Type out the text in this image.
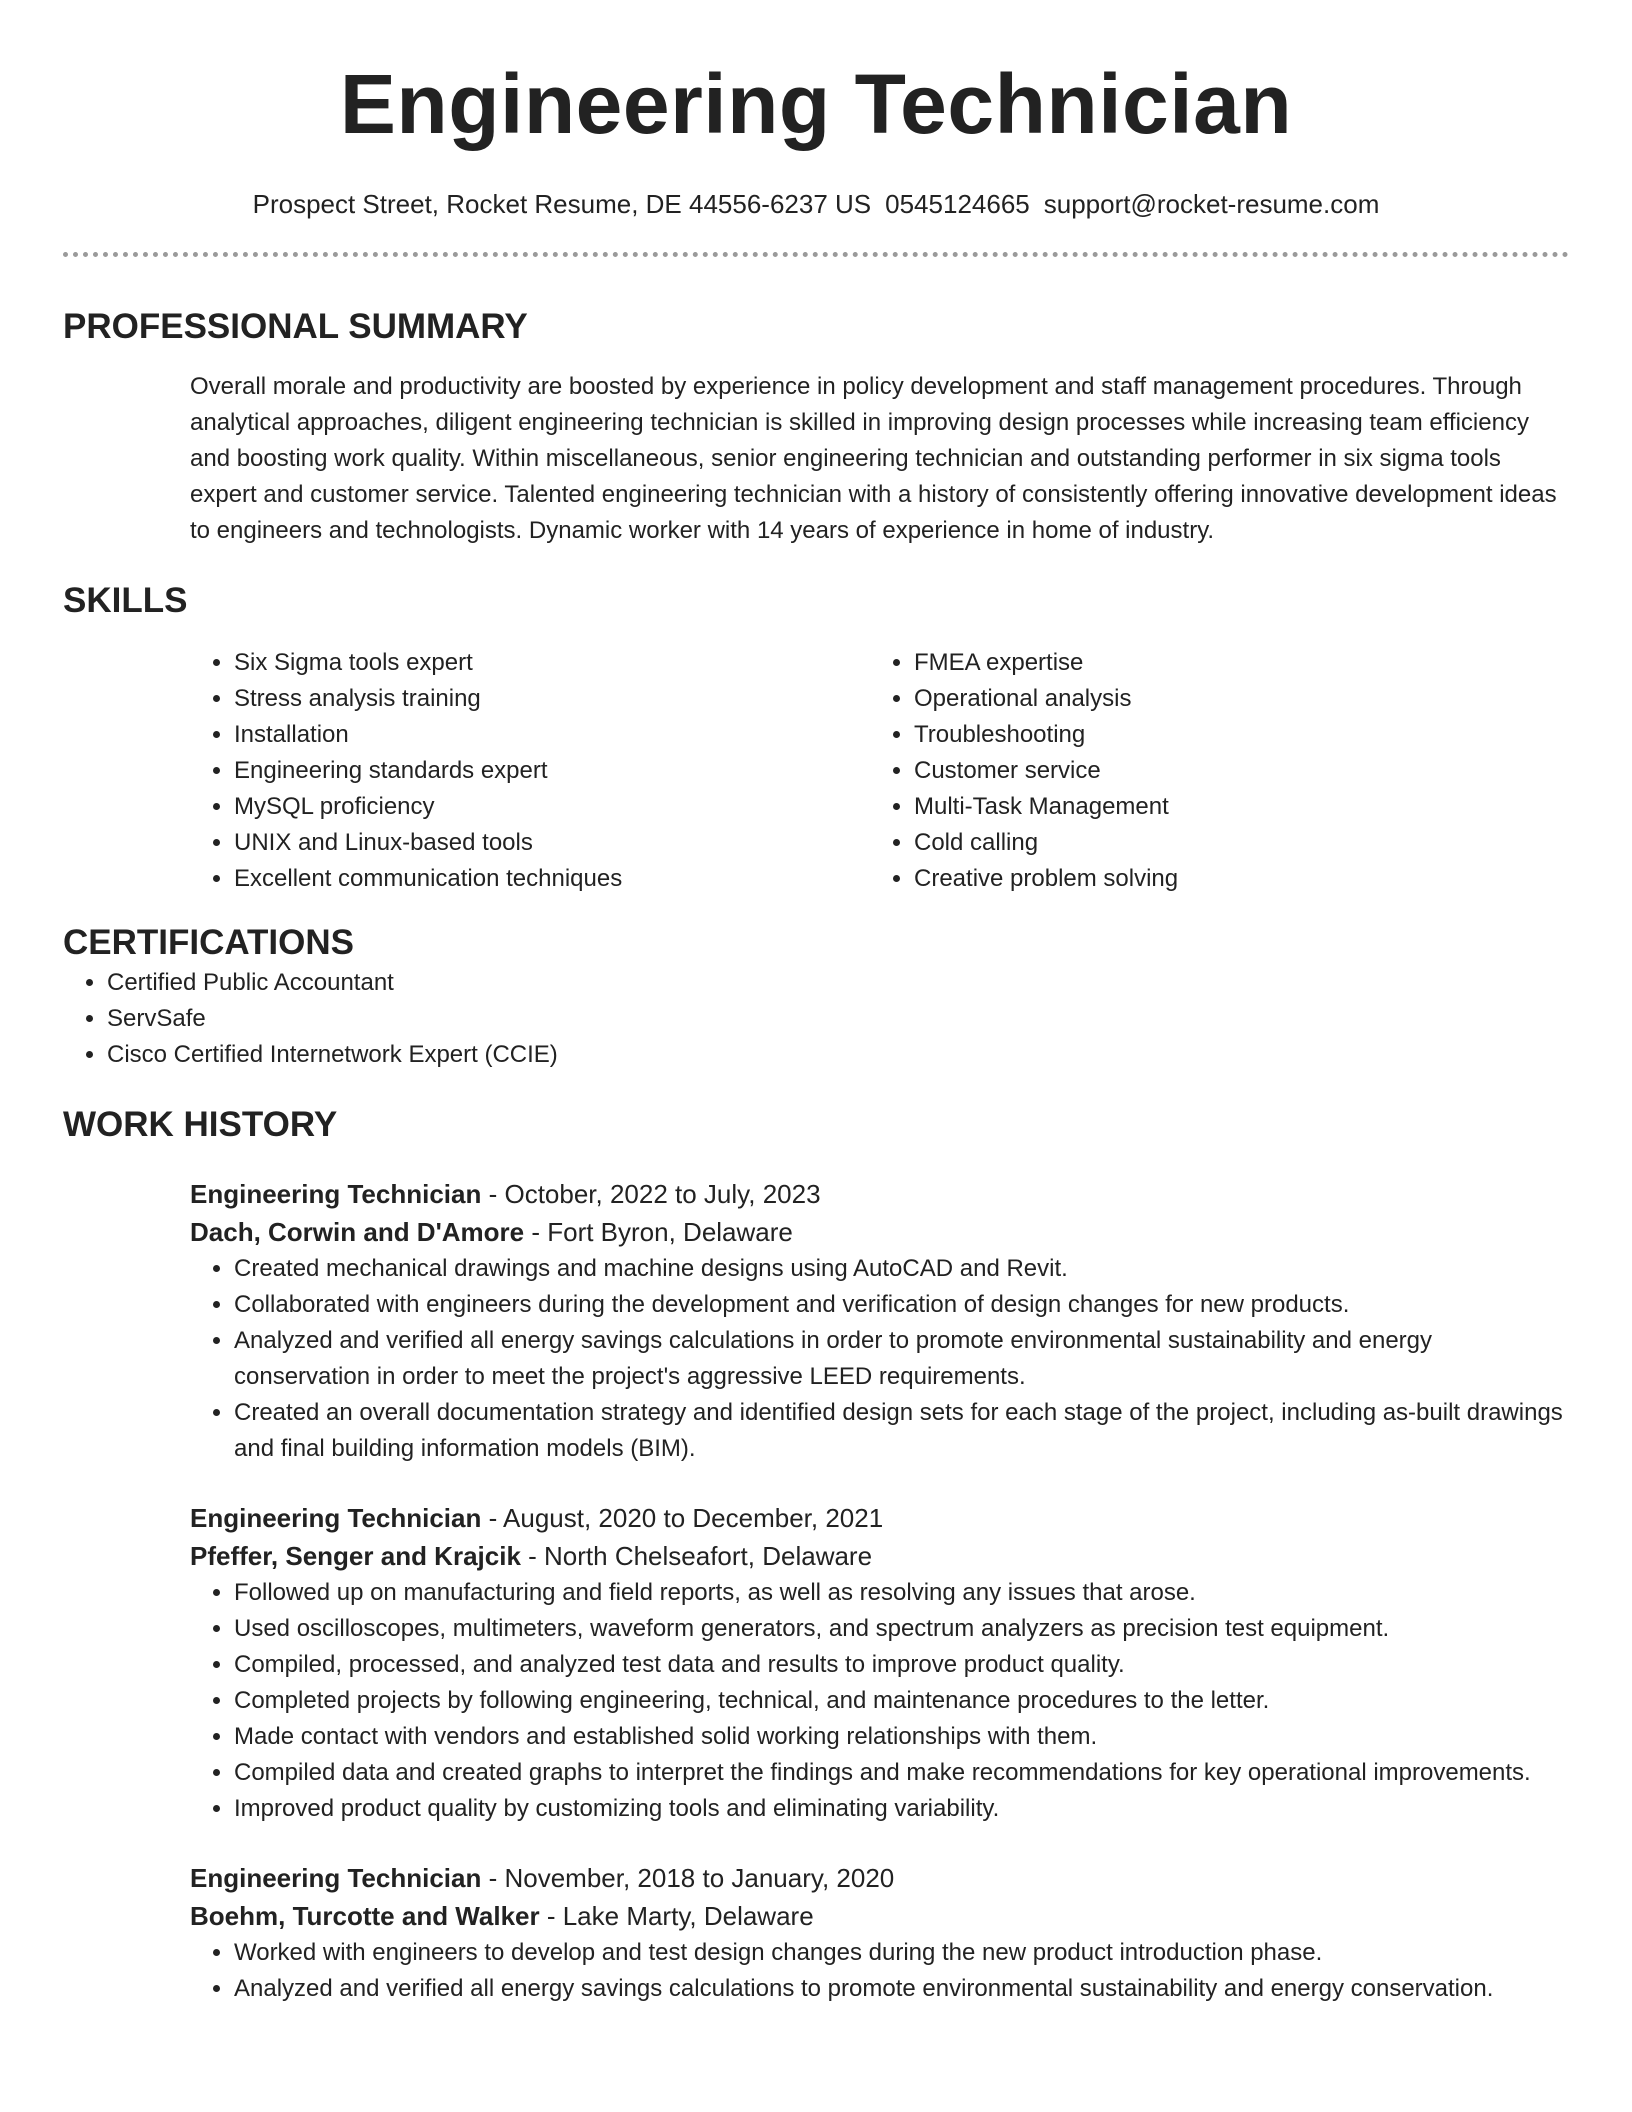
Engineering Technician
Prospect Street, Rocket Resume, DE 44556-6237 US 0545124665 support@rocket-resume.com
PROFESSIONAL SUMMARY

Overall morale and productivity are boosted by experience in policy development and staff management procedures. Through analytical approaches, diligent engineering technician is skilled in improving design processes while increasing team efficiency and boosting work quality. Within miscellaneous, senior engineering technician and outstanding performer in six sigma tools expert and customer service. Talented engineering technician with a history of consistently offering innovative development ideas to engineers and technologists. Dynamic worker with 14 years of experience in home of industry.

SKILLS
• Six Sigma tools expert
• Stress analysis training
• Installation
• Engineering standards expert
• MySQL proficiency
• UNIX and Linux-based tools
• Excellent communication techniques
• FMEA expertise
• Operational analysis
• Troubleshooting
• Customer service
• Multi-Task Management
• Cold calling
• Creative problem solving
CERTIFICATIONS
• Certified Public Accountant
• ServSafe
• Cisco Certified Internetwork Expert (CCIE)
WORK HISTORY
Engineering Technician - October, 2022 to July, 2023
Dach, Corwin and D'Amore - Fort Byron, Delaware
• Created mechanical drawings and machine designs using AutoCAD and Revit.
• Collaborated with engineers during the development and verification of design changes for new products.
• Analyzed and verified all energy savings calculations in order to promote environmental sustainability and energy conservation in order to meet the project's aggressive LEED requirements.
• Created an overall documentation strategy and identified design sets for each stage of the project, including as-built drawings and final building information models (BIM).
Engineering Technician - August, 2020 to December, 2021
Pfeffer, Senger and Krajcik - North Chelseafort, Delaware
• Followed up on manufacturing and field reports, as well as resolving any issues that arose.
• Used oscilloscopes, multimeters, waveform generators, and spectrum analyzers as precision test equipment.
• Compiled, processed, and analyzed test data and results to improve product quality.
• Completed projects by following engineering, technical, and maintenance procedures to the letter.
• Made contact with vendors and established solid working relationships with them.
• Compiled data and created graphs to interpret the findings and make recommendations for key operational improvements.
• Improved product quality by customizing tools and eliminating variability.
Engineering Technician - November, 2018 to January, 2020
Boehm, Turcotte and Walker - Lake Marty, Delaware
• Worked with engineers to develop and test design changes during the new product introduction phase.
• Analyzed and verified all energy savings calculations to promote environmental sustainability and energy conservation.
